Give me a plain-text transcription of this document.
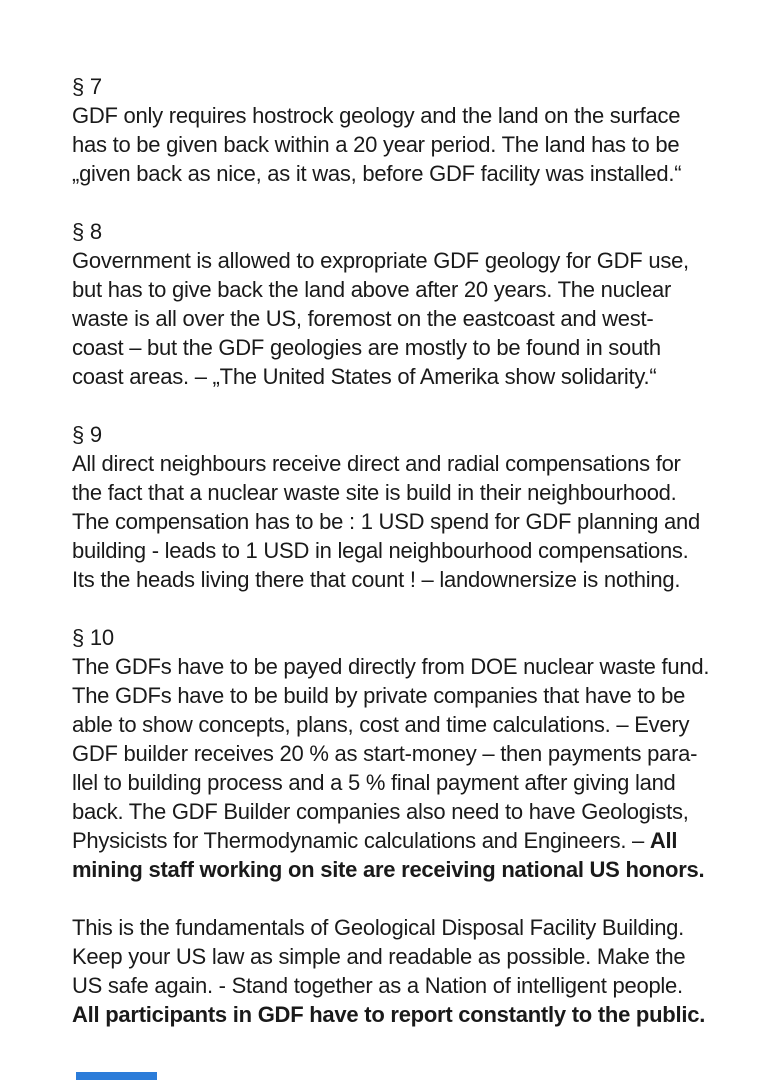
§ 7
GDF only requires hostrock geology and the land on the surface
has to be given back within a 20 year period. The land has to be
„given back as nice, as it was, before GDF facility was installed.“
§ 8
Government is allowed to expropriate GDF geology for GDF use,
but has to give back the land above after 20 years. The nuclear
waste is all over the US, foremost on the eastcoast and west-
coast – but the GDF geologies are mostly to be found in south
coast areas. – „The United States of Amerika show solidarity.“
§ 9
All direct neighbours receive direct and radial compensations for
the fact that a nuclear waste site is build in their neighbourhood.
The compensation has to be : 1 USD spend for GDF planning and
building - leads to 1 USD in legal neighbourhood compensations.
Its the heads living there that count ! – landownersize is nothing.
§ 10
The GDFs have to be payed directly from DOE nuclear waste fund.
The GDFs have to be build by private companies that have to be
able to show concepts, plans, cost and time calculations. – Every
GDF builder receives 20 % as start-money – then payments para-
llel to building process and a 5 % final payment after giving land
back. The GDF Builder companies also need to have Geologists,
Physicists for Thermodynamic calculations and Engineers. – All
mining staff working on site are receiving national US honors.
This is the fundamentals of Geological Disposal Facility Building.
Keep your US law as simple and readable as possible. Make the
US safe again. - Stand together as a Nation of intelligent people.
All participants in GDF have to report constantly to the public.
